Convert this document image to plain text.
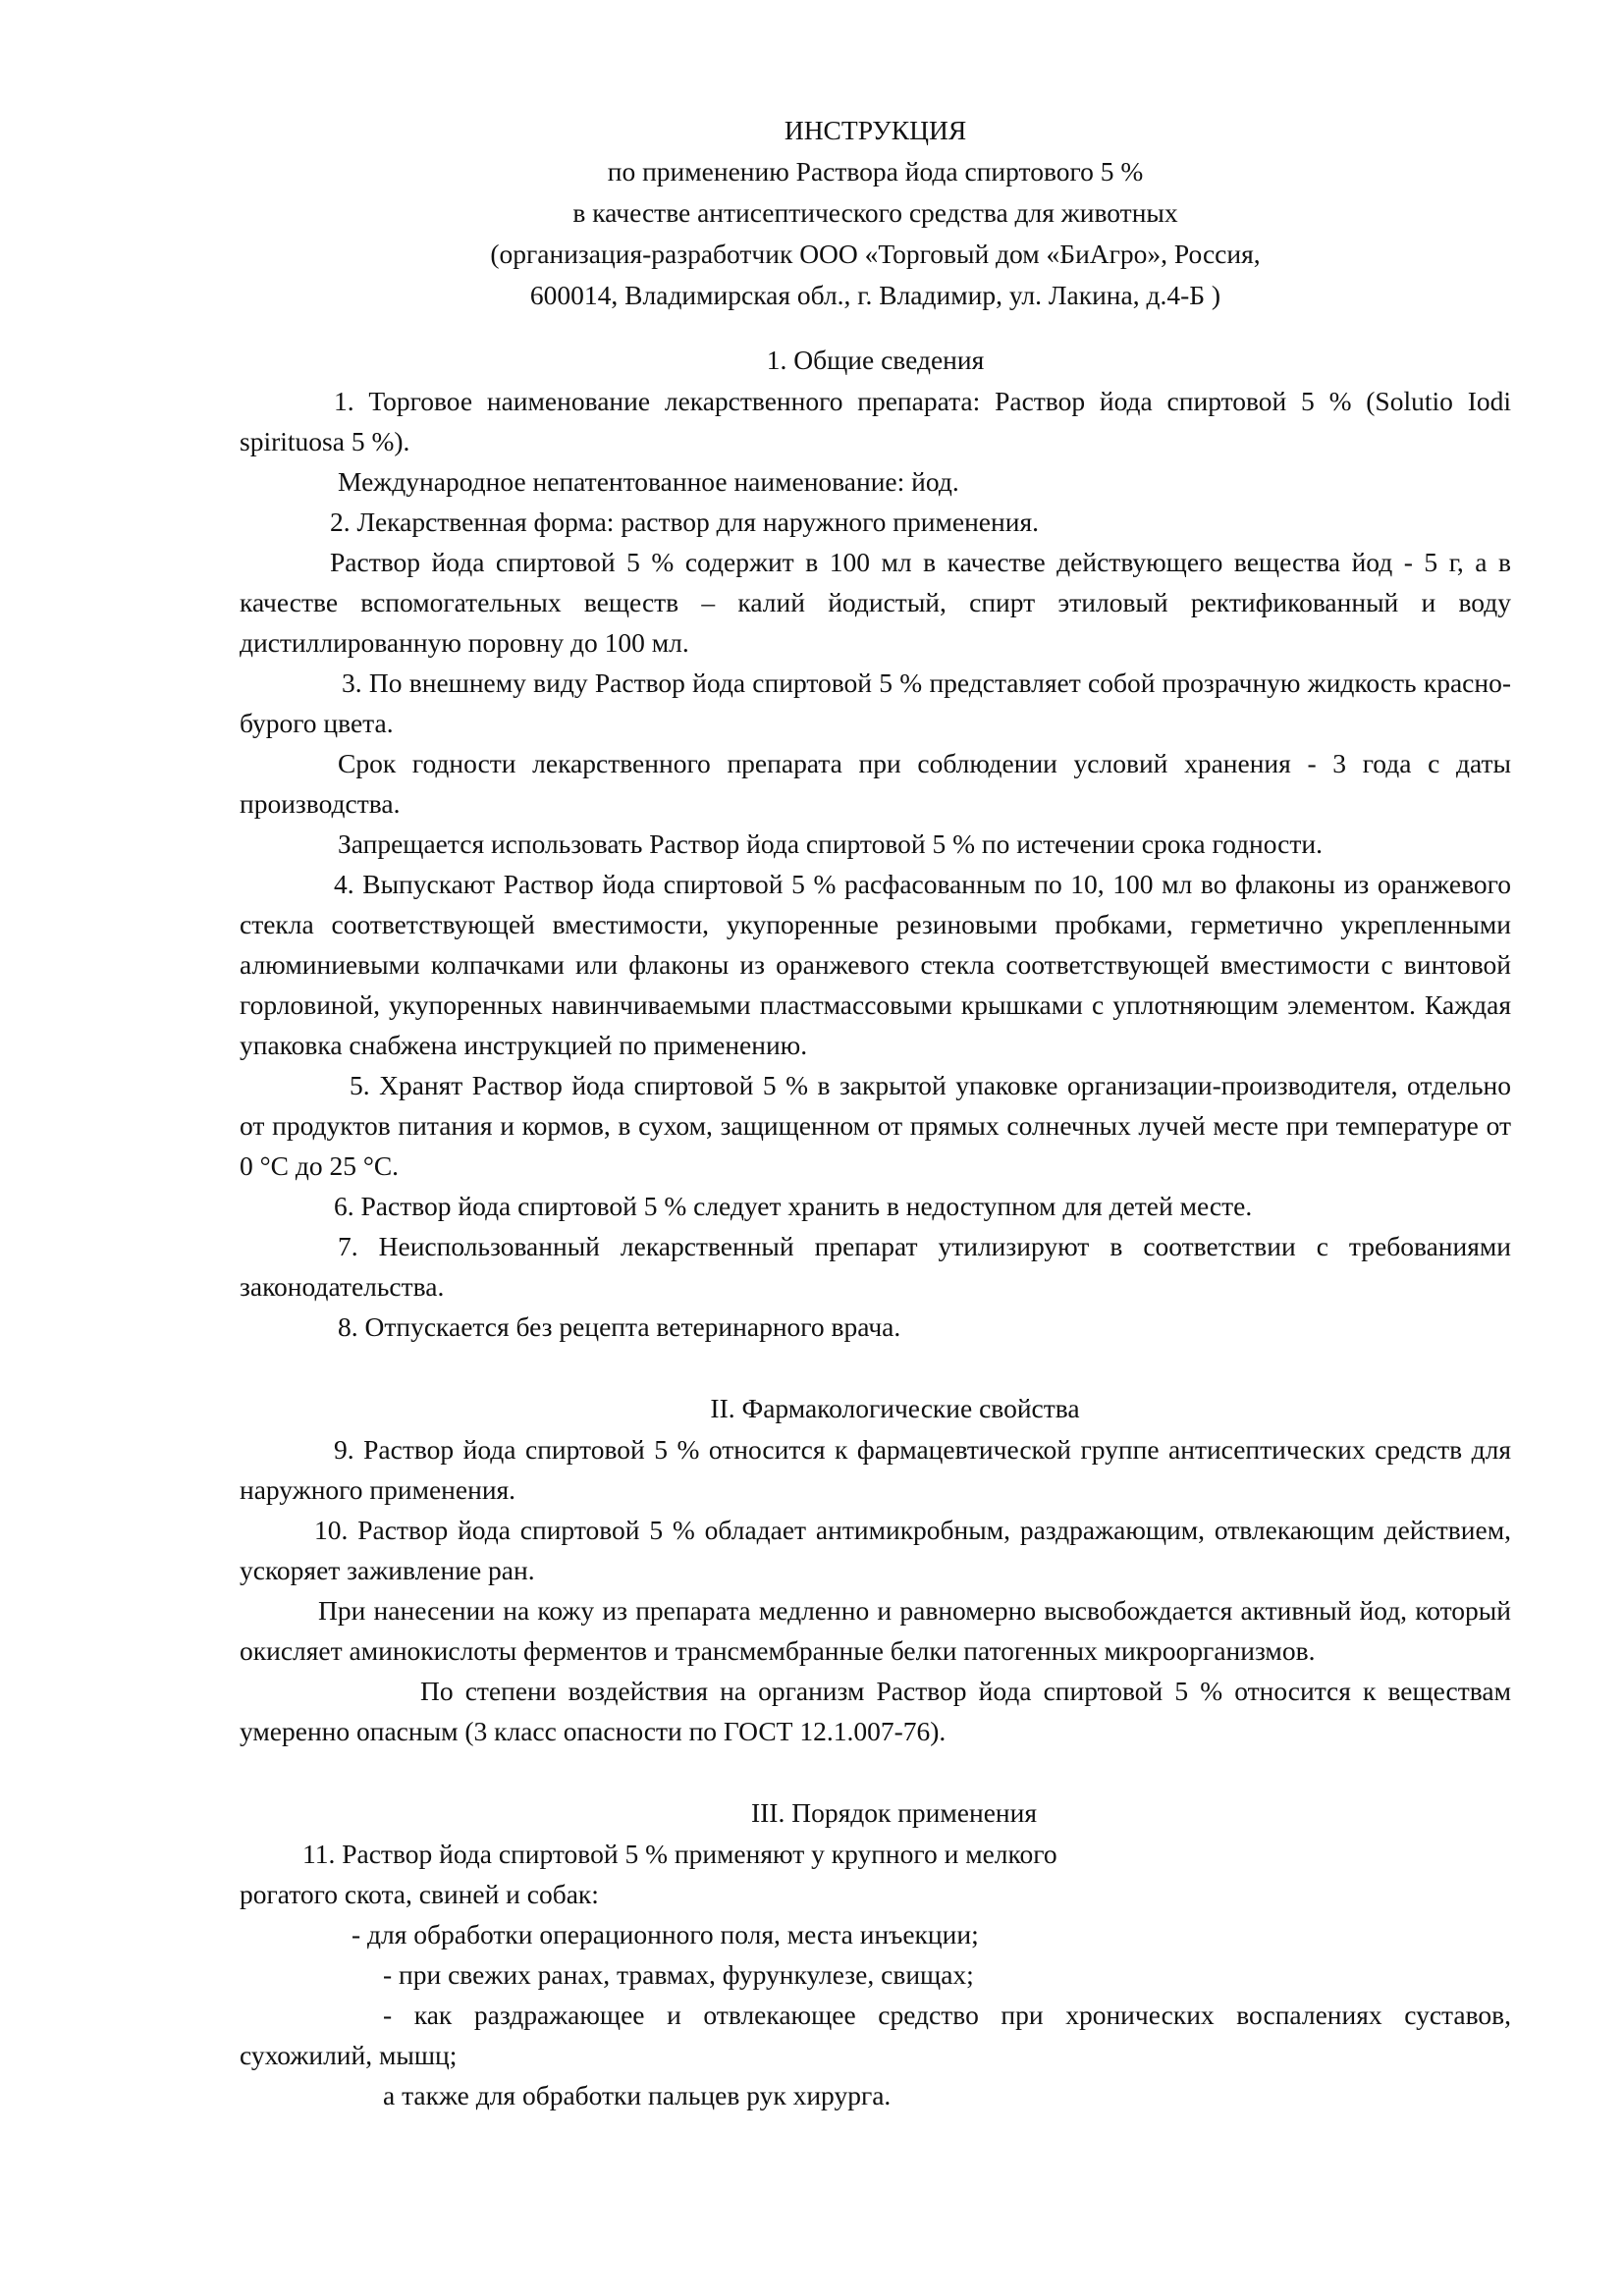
ИНСТРУКЦИЯ

по применению Раствора йода спиртового 5 %

в качестве антисептического средства для животных

(организация-разработчик ООО «Торговый дом «БиАгро», Россия,

600014, Владимирская обл., г. Владимир, ул. Лакина, д.4-Б )

1. Общие сведения

1. Торговое наименование лекарственного препарата: Раствор йода спиртовой 5 % (Solutio Iodi spirituosa 5 %).

Международное непатентованное наименование: йод.

2. Лекарственная форма: раствор для наружного применения.

Раствор йода спиртовой 5 % содержит в 100 мл в качестве действующего вещества йод - 5 г, а в качестве вспомогательных веществ – калий йодистый, спирт этиловый ректификованный и воду дистиллированную поровну до 100 мл.

3. По внешнему виду Раствор йода спиртовой 5 % представляет собой прозрачную жидкость красно-бурого цвета.

Срок годности лекарственного препарата при соблюдении условий хранения - 3 года с даты производства.

Запрещается использовать Раствор йода спиртовой 5 % по истечении срока годности.

4. Выпускают Раствор йода спиртовой 5 % расфасованным по 10, 100 мл во флаконы из оранжевого стекла соответствующей вместимости, укупоренные резиновыми пробками, герметично укрепленными алюминиевыми колпачками или флаконы из оранжевого стекла соответствующей вместимости с винтовой горловиной, укупоренных навинчиваемыми пластмассовыми крышками с уплотняющим элементом. Каждая упаковка снабжена инструкцией по применению.

5. Хранят Раствор йода спиртовой 5 % в закрытой упаковке организации-производителя, отдельно от продуктов питания и кормов, в сухом, защищенном от прямых солнечных лучей месте при температуре от 0 °С до 25 °С.

6. Раствор йода спиртовой 5 % следует хранить в недоступном для детей месте.

7. Неиспользованный лекарственный препарат утилизируют в соответствии с требованиями законодательства.

8. Отпускается без рецепта ветеринарного врача.

II. Фармакологические свойства

9. Раствор йода спиртовой 5 % относится к фармацевтической группе антисептических средств для наружного применения.

10. Раствор йода спиртовой 5 % обладает антимикробным, раздражающим, отвлекающим действием, ускоряет заживление ран.

При нанесении на кожу из препарата медленно и равномерно высвобождается активный йод, который окисляет аминокислоты ферментов и трансмембранные белки патогенных микроорганизмов.

По степени воздействия на организм Раствор йода спиртовой 5 % относится к веществам умеренно опасным (3 класс опасности по ГОСТ 12.1.007-76).

III. Порядок применения

11. Раствор йода спиртовой 5 % применяют у крупного и мелкого

рогатого скота, свиней и собак:

- для обработки операционного поля, места инъекции;

- при свежих ранах, травмах, фурункулезе, свищах;

- как раздражающее и отвлекающее средство при хронических воспалениях суставов, сухожилий, мышц;

а также для обработки пальцев рук хирурга.
